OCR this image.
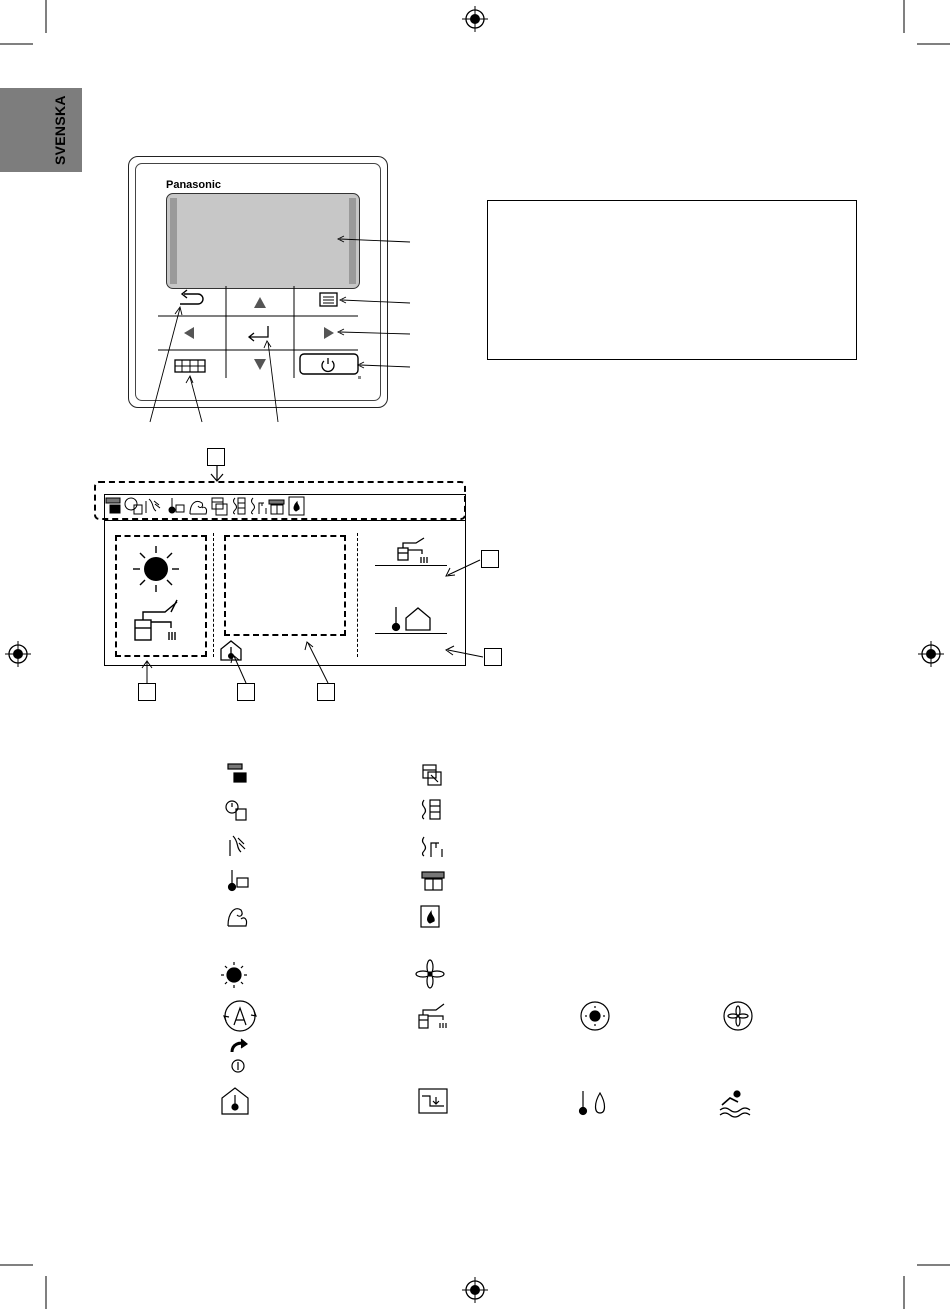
SVENSKA
Panasonic
